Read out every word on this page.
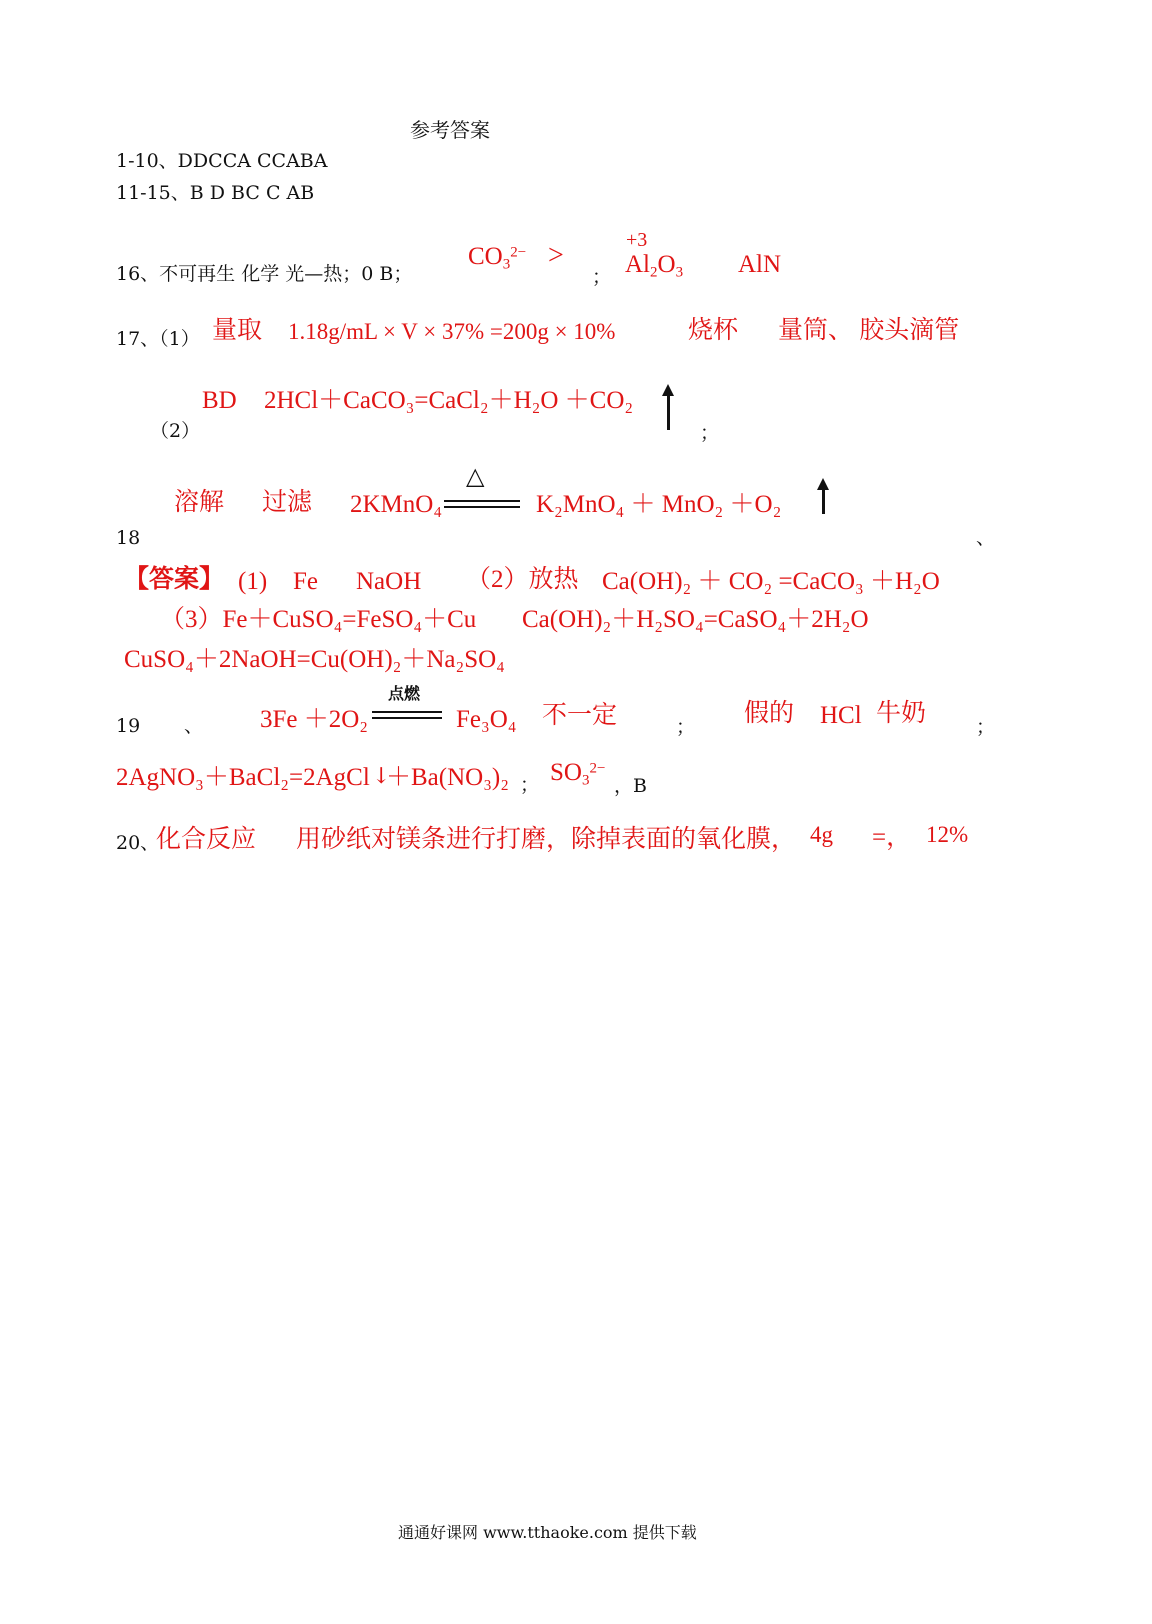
参考答案
1-10、DDCCA CCABA
11-15、B D BC C AB
16、不可再生 化学 光—热；0 B；
$CO_3^{2-}$ >
；
+3
$Al_2O_3$ AlN
17、（1） 量取 1.18g/mL × V × 37% =200g × 10%	烧杯 量筒、 胶头滴管
（2）
BD 2HCl＋CaCO₃=CaCl₂＋H₂O ＋CO₂
；
溶解 过滤 2KMnO₄
△
K₂MnO₄ ＋ MnO₂ ＋O₂
18	、
【答案】 (1) Fe NaOH （2）放热 Ca(OH)₂ ＋ CO₂ =CaCO₃ ＋H₂O
（3）Fe＋CuSO₄=FeSO₄＋Cu Ca(OH)₂＋H₂SO₄=CaSO₄＋2H₂O
CuSO₄＋2NaOH=Cu(OH)₂＋Na₂SO₄
19 、 3Fe ＋2O₂
点燃
Fe₃O₄ 不一定	； 假的 HCl 牛奶	；
2AgNO₃＋BaCl₂=2AgCl ↓
＋Ba(NO₃)₂ ； $SO_3^{2-}$
，B
20、
化合反应 用砂纸对镁条进行打磨，除掉表面的氧化膜， 4g =， 12%
通通好课网 www.tthaoke.com 提供下载
